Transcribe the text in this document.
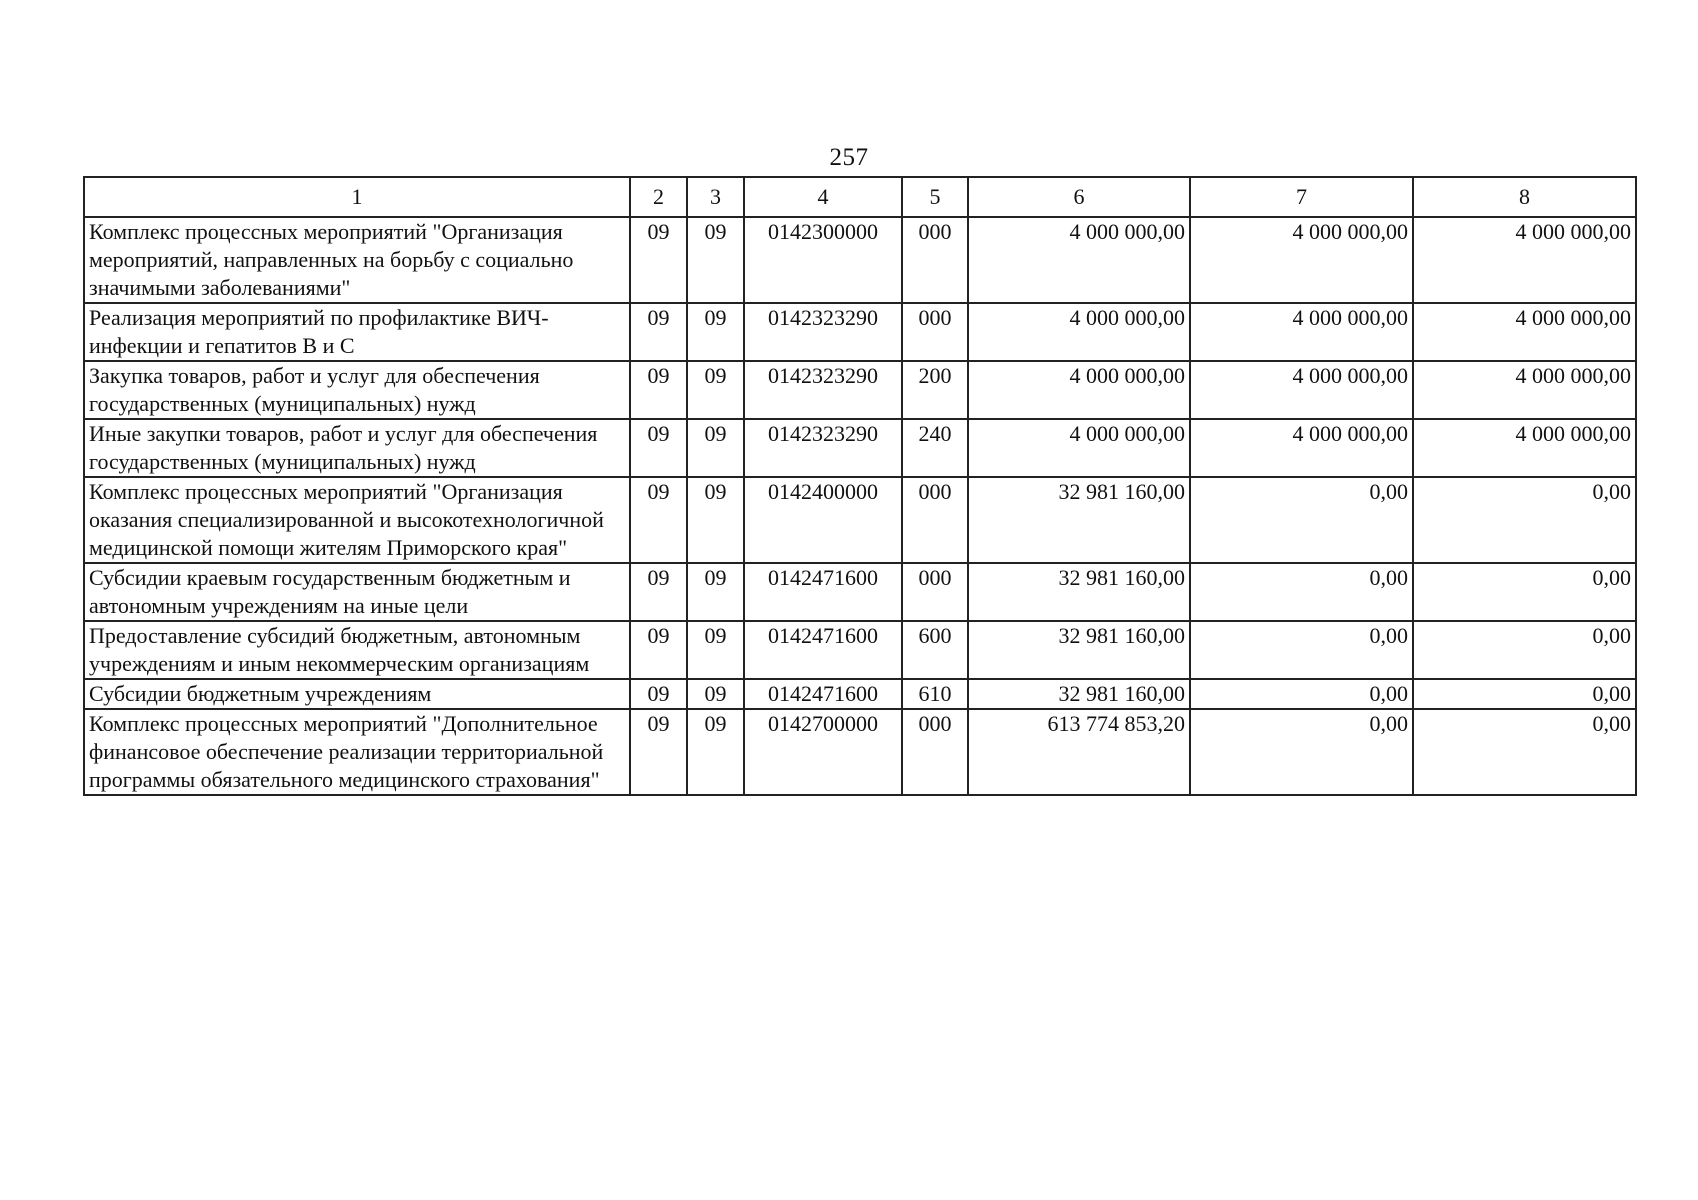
257
1	2	3	4	5	6	7	8

Комплекс процессных мероприятий "Организация мероприятий, направленных на борьбу с социально значимыми заболеваниями"	09	09	0142300000	000	4 000 000,00	4 000 000,00	4 000 000,00

Реализация мероприятий по профилактике ВИЧ-инфекции и гепатитов В и С	09	09	0142323290	000	4 000 000,00	4 000 000,00	4 000 000,00

Закупка товаров, работ и услуг для обеспечения государственных (муниципальных) нужд	09	09	0142323290	200	4 000 000,00	4 000 000,00	4 000 000,00

Иные закупки товаров, работ и услуг для обеспечения государственных (муниципальных) нужд	09	09	0142323290	240	4 000 000,00	4 000 000,00	4 000 000,00

Комплекс процессных мероприятий "Организация оказания специализированной и высокотехнологичной медицинской помощи жителям Приморского края"	09	09	0142400000	000	32 981 160,00	0,00	0,00

Субсидии краевым государственным бюджетным и автономным учреждениям на иные цели	09	09	0142471600	000	32 981 160,00	0,00	0,00

Предоставление субсидий бюджетным, автономным учреждениям и иным некоммерческим организациям	09	09	0142471600	600	32 981 160,00	0,00	0,00

Субсидии бюджетным учреждениям	09	09	0142471600	610	32 981 160,00	0,00	0,00

Комплекс процессных мероприятий "Дополнительное финансовое обеспечение реализации территориальной программы обязательного медицинского страхования"	09	09	0142700000	000	613 774 853,20	0,00	0,00
